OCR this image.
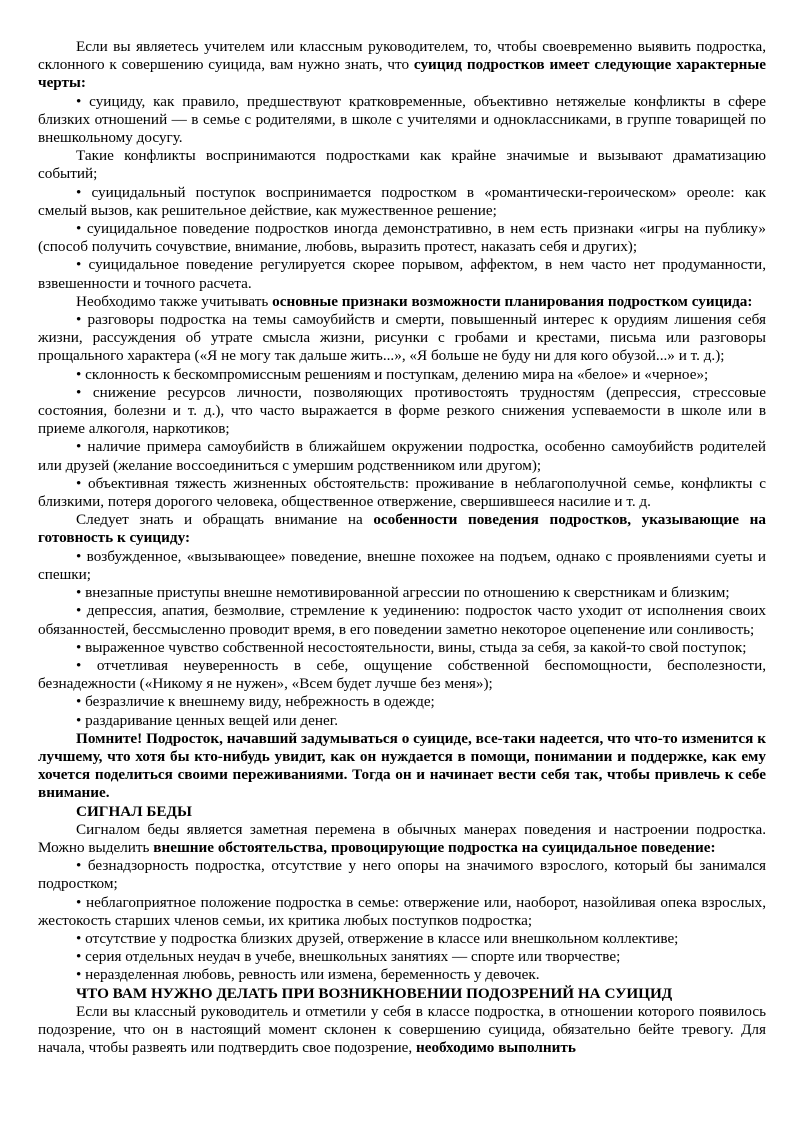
Если вы являетесь учителем или классным руководителем, то, чтобы своевременно выявить подростка, склонного к совершению суицида, вам нужно знать, что суицид подростков имеет следующие характерные черты:

• суициду, как правило, предшествуют кратковременные, объективно нетяжелые конфликты в сфере близких отношений — в семье с родителями, в школе с учителями и одноклассниками, в группе товарищей по внешкольному досугу.

Такие конфликты воспринимаются подростками как крайне значимые и вызывают драматизацию событий;

• суицидальный поступок воспринимается подростком в «романтически-героическом» ореоле: как смелый вызов, как решительное действие, как мужественное решение;

• суицидальное поведение подростков иногда демонстративно, в нем есть признаки «игры на публику» (способ получить сочувствие, внимание, любовь, выразить протест, наказать себя и других);

• суицидальное поведение регулируется скорее порывом, аффектом, в нем часто нет продуманности, взвешенности и точного расчета.

Необходимо также учитывать основные признаки возможности планирования подростком суицида:

• разговоры подростка на темы самоубийств и смерти, повышенный интерес к орудиям лишения себя жизни, рассуждения об утрате смысла жизни, рисунки с гробами и крестами, письма или разговоры прощального характера («Я не могу так дальше жить...», «Я больше не буду ни для кого обузой...» и т. д.);

• склонность к бескомпромиссным решениям и поступкам, делению мира на «белое» и «черное»;

• снижение ресурсов личности, позволяющих противостоять трудностям (депрессия, стрессовые состояния, болезни и т. д.), что часто выражается в форме резкого снижения успеваемости в школе или в приеме алкоголя, наркотиков;

• наличие примера самоубийств в ближайшем окружении подростка, особенно самоубийств родителей или друзей (желание воссоединиться с умершим родственником или другом);

• объективная тяжесть жизненных обстоятельств: проживание в неблагополучной семье, конфликты с близкими, потеря дорогого человека, общественное отвержение, свершившееся насилие и т. д.

Следует знать и обращать внимание на особенности поведения подростков, указывающие на готовность к суициду:

• возбужденное, «вызывающее» поведение, внешне похожее на подъем, однако с проявлениями суеты и спешки;

• внезапные приступы внешне немотивированной агрессии по отношению к сверстникам и близким;

• депрессия, апатия, безмолвие, стремление к уединению: подросток часто уходит от исполнения своих обязанностей, бессмысленно проводит время, в его поведении заметно некоторое оцепенение или сонливость;

• выраженное чувство собственной несостоятельности, вины, стыда за себя, за какой-то свой поступок;

• отчетливая неуверенность в себе, ощущение собственной беспомощности, бесполезности, безнадежности («Никому я не нужен», «Всем будет лучше без меня»);

• безразличие к внешнему виду, небрежность в одежде;

• раздаривание ценных вещей или денег.

Помните! Подросток, начавший задумываться о суициде, все-таки надеется, что что-то изменится к лучшему, что хотя бы кто-нибудь увидит, как он нуждается в помощи, понимании и поддержке, как ему хочется поделиться своими переживаниями. Тогда он и начинает вести себя так, чтобы привлечь к себе внимание.

СИГНАЛ БЕДЫ

Сигналом беды является заметная перемена в обычных манерах поведения и настроении подростка. Можно выделить внешние обстоятельства, провоцирующие подростка на суицидальное поведение:

• безнадзорность подростка, отсутствие у него опоры на значимого взрослого, который бы занимался подростком;

• неблагоприятное положение подростка в семье: отвержение или, наоборот, назойливая опека взрослых, жестокость старших членов семьи, их критика любых поступков подростка;

• отсутствие у подростка близких друзей, отвержение в классе или внешкольном коллективе;

• серия отдельных неудач в учебе, внешкольных занятиях — спорте или творчестве;

• неразделенная любовь, ревность или измена, беременность у девочек.

ЧТО ВАМ НУЖНО ДЕЛАТЬ ПРИ ВОЗНИКНОВЕНИИ ПОДОЗРЕНИЙ НА СУИЦИД

Если вы классный руководитель и отметили у себя в классе подростка, в отношении которого появилось подозрение, что он в настоящий момент склонен к совершению суицида, обязательно бейте тревогу. Для начала, чтобы развеять или подтвердить свое подозрение, необходимо выполнить
